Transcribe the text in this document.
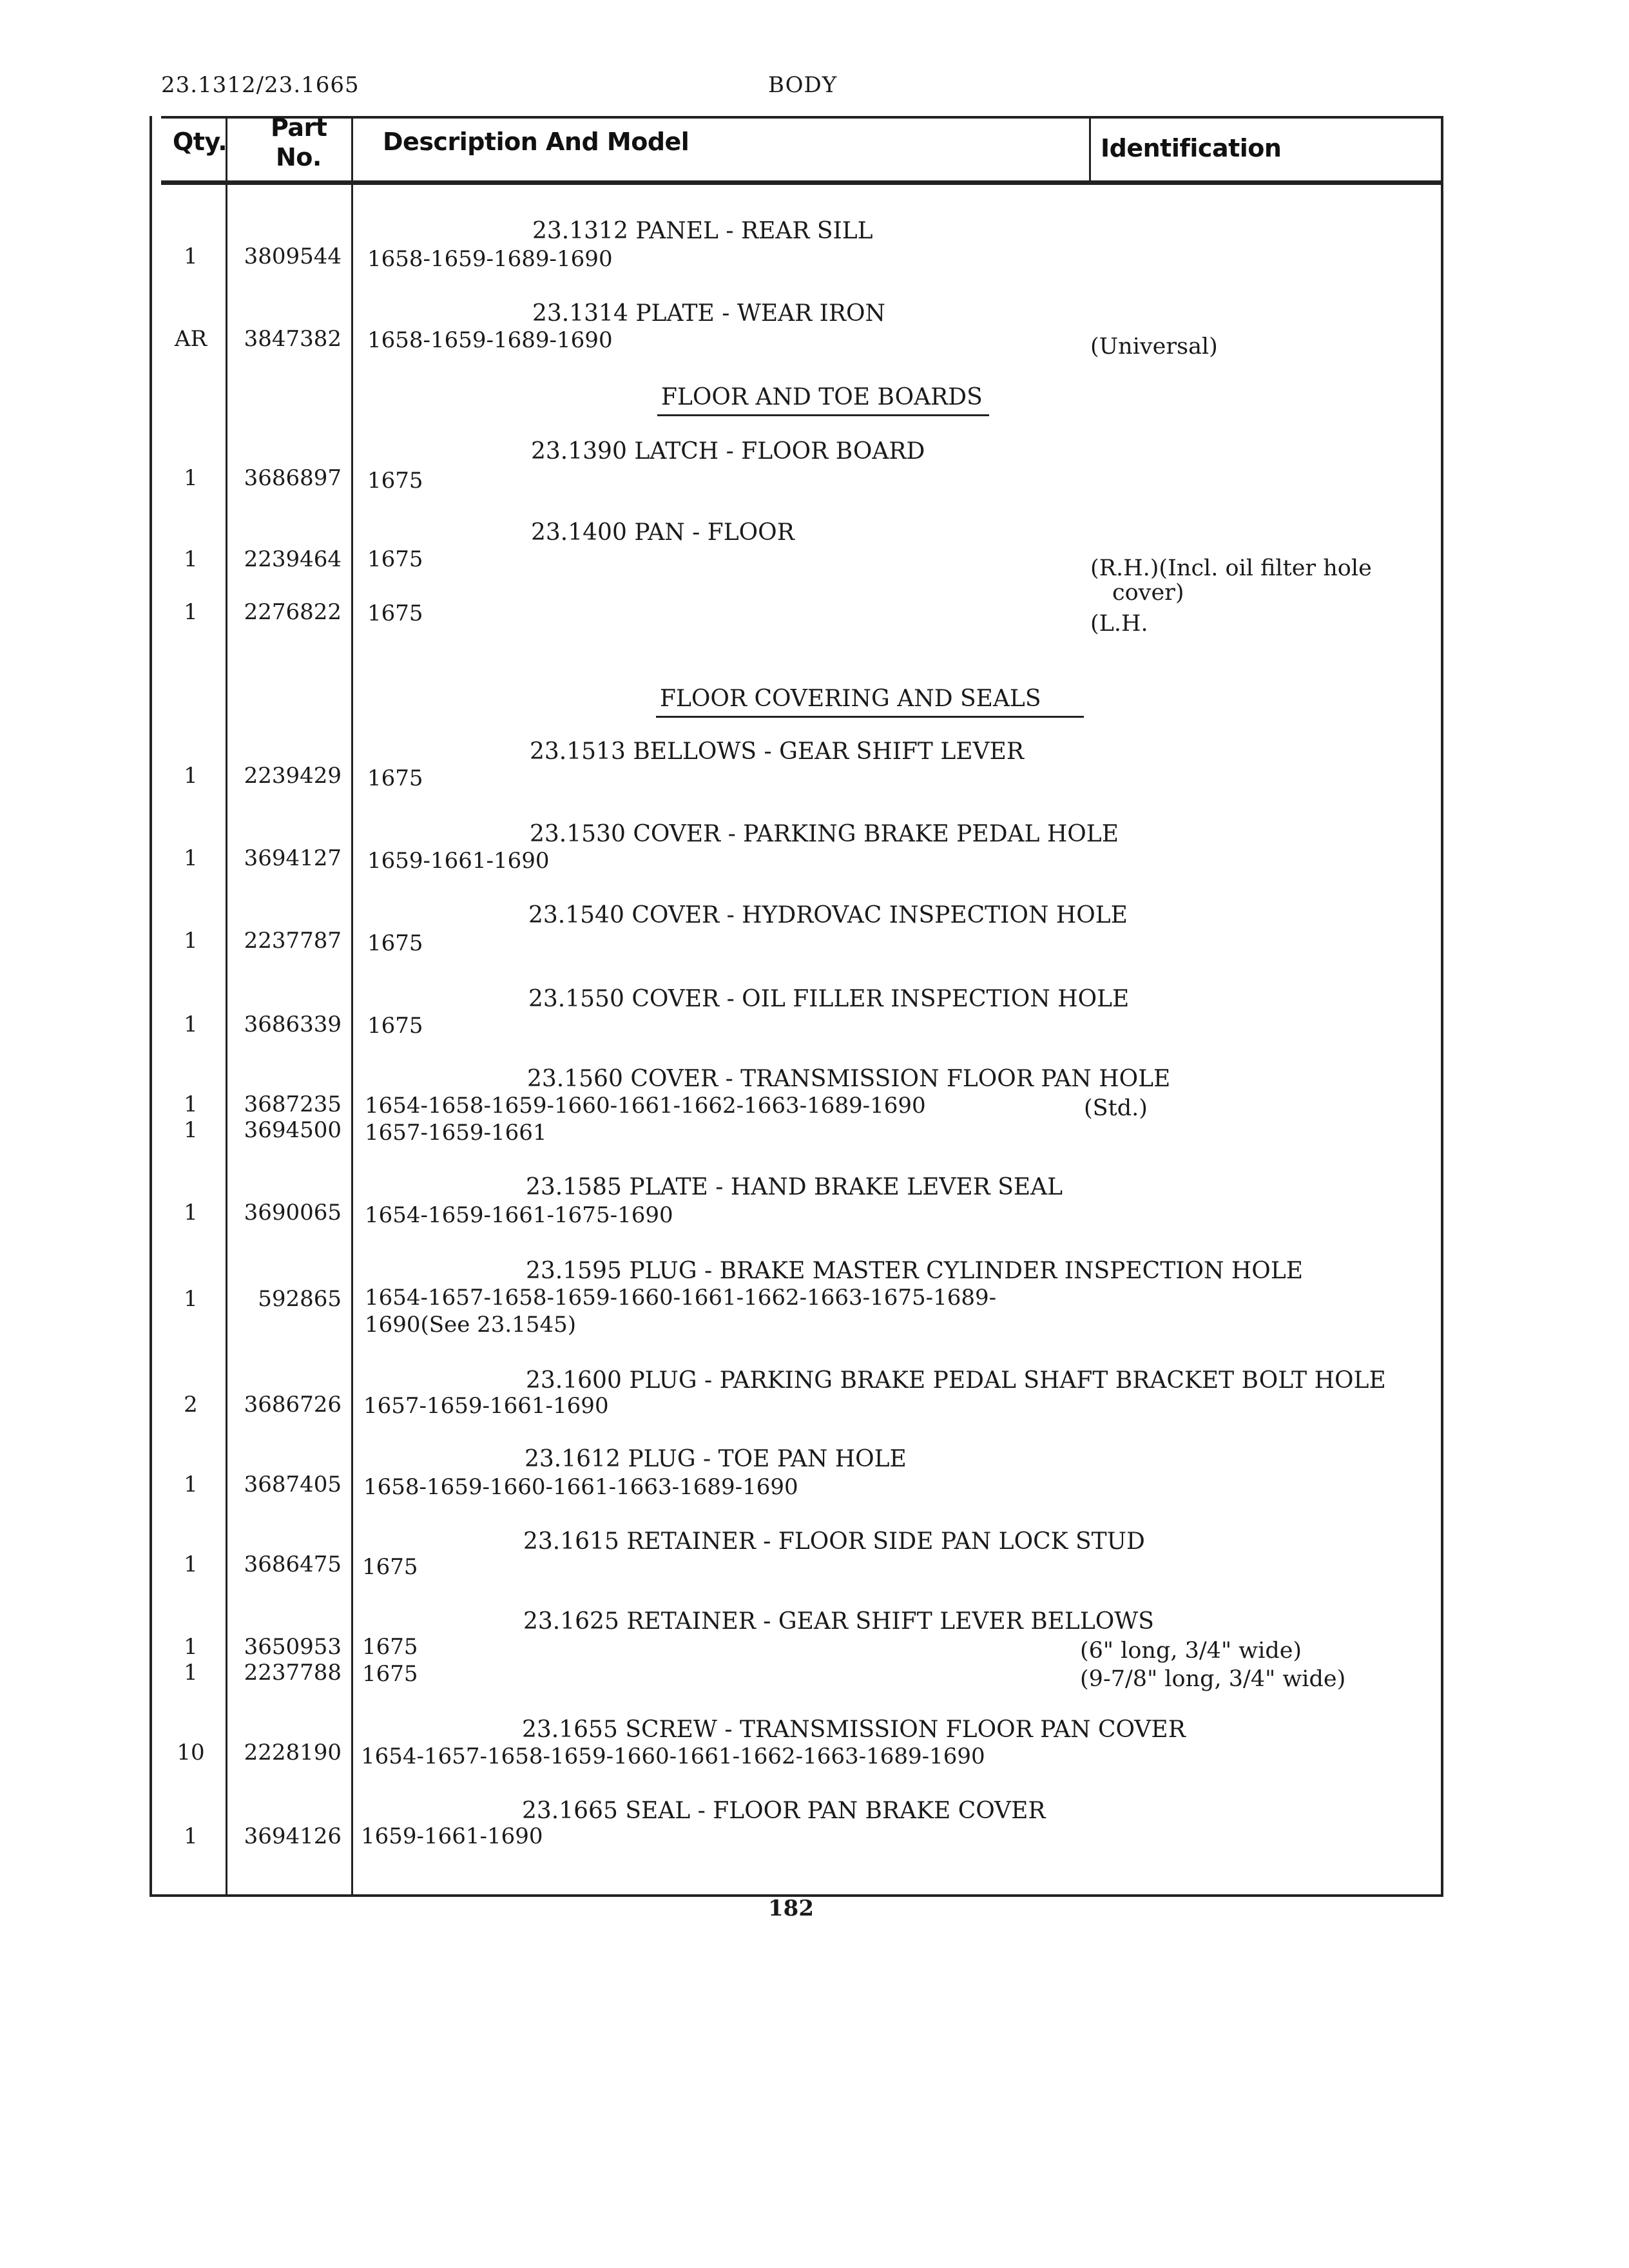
23.1312/23.1665	BODY
Qty. Part
No.
Description And Model	Identification
FLOOR AND TOE BOARDS
FLOOR COVERING AND SEALS
23.1312 PANEL - REAR SILL
1	3809544 1658-1659-1689-1690
23.1314 PLATE - WEAR IRON
AR	3847382 1658-1659-1689-1690	(Universal)
23.1390 LATCH - FLOOR BOARD
1	3686897 1675
23.1400 PAN - FLOOR
1	2239464 1675	(R.H.)(Incl. oil filter hole
cover)
1	2276822 1675	(L.H.
23.1513 BELLOWS - GEAR SHIFT LEVER
1	2239429 1675
23.1530 COVER - PARKING BRAKE PEDAL HOLE
1	3694127 1659-1661-1690
23.1540 COVER - HYDROVAC INSPECTION HOLE
1	2237787 1675
23.1550 COVER - OIL FILLER INSPECTION HOLE
1	3686339 1675
23.1560 COVER - TRANSMISSION FLOOR PAN HOLE
1	3687235 1654-1658-1659-1660-1661-1662-1663-1689-1690	(Std.)
1	3694500 1657-1659-1661
23.1585 PLATE - HAND BRAKE LEVER SEAL
1	3690065 1654-1659-1661-1675-1690
23.1595 PLUG - BRAKE MASTER CYLINDER INSPECTION HOLE
1	592865 1654-1657-1658-1659-1660-1661-1662-1663-1675-1689-
1690(See 23.1545)
23.1600 PLUG - PARKING BRAKE PEDAL SHAFT BRACKET BOLT HOLE
2	3686726 1657-1659-1661-1690
23.1612 PLUG - TOE PAN HOLE
1	3687405 1658-1659-1660-1661-1663-1689-1690
23.1615 RETAINER - FLOOR SIDE PAN LOCK STUD
1	3686475 1675
23.1625 RETAINER - GEAR SHIFT LEVER BELLOWS
1	3650953 1675	(6" long, 3/4" wide)
1	2237788 1675	(9-7/8" long, 3/4" wide)
23.1655 SCREW - TRANSMISSION FLOOR PAN COVER
10	2228190 1654-1657-1658-1659-1660-1661-1662-1663-1689-1690
23.1665 SEAL - FLOOR PAN BRAKE COVER
1	3694126 1659-1661-1690
182
